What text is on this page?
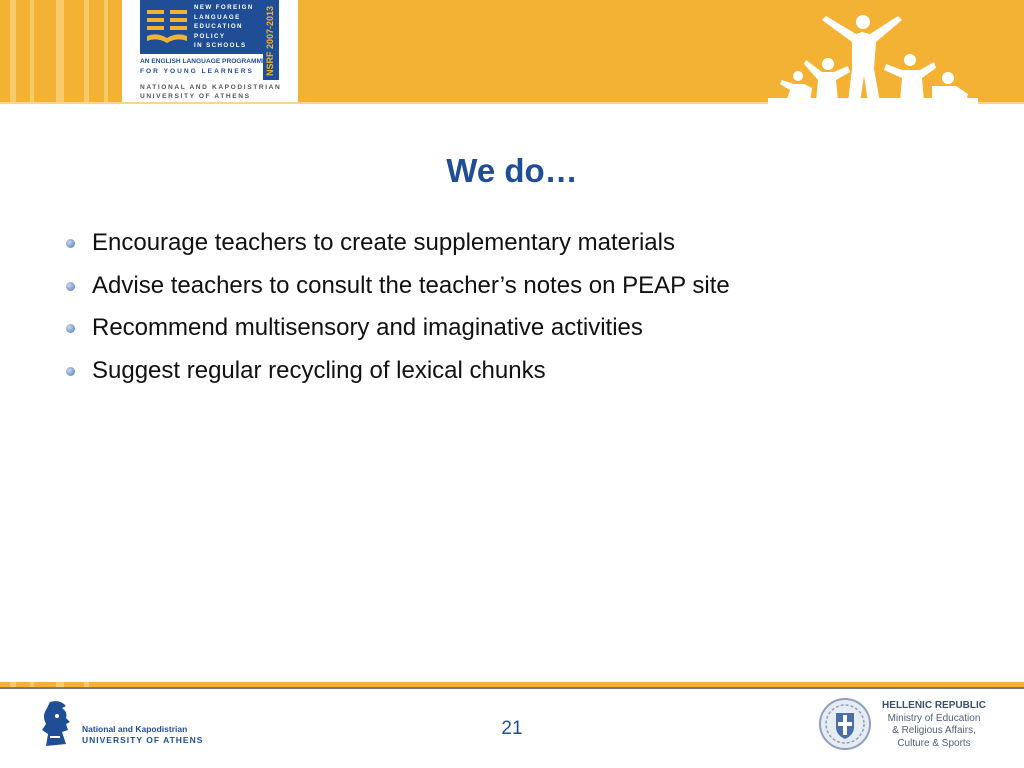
NEW FOREIGN
LANGUAGE
EDUCATION
POLICY
IN SCHOOLS	NSRF 2007-2013
AN ENGLISH LANGUAGE PROGRAMME
FOR YOUNG LEARNERS
NATIONAL AND KAPODISTRIAN
UNIVERSITY OF ATHENS
We do…
Encourage teachers to create supplementary materials
Advise teachers to consult the teacher’s notes on PEAP site
Recommend multisensory and imaginative activities
Suggest regular recycling of lexical chunks
National and Kapodistrian
UNIVERSITY OF ATHENS
21
HELLENIC REPUBLIC
Ministry of Education
& Religious Affairs,
Culture & Sports
